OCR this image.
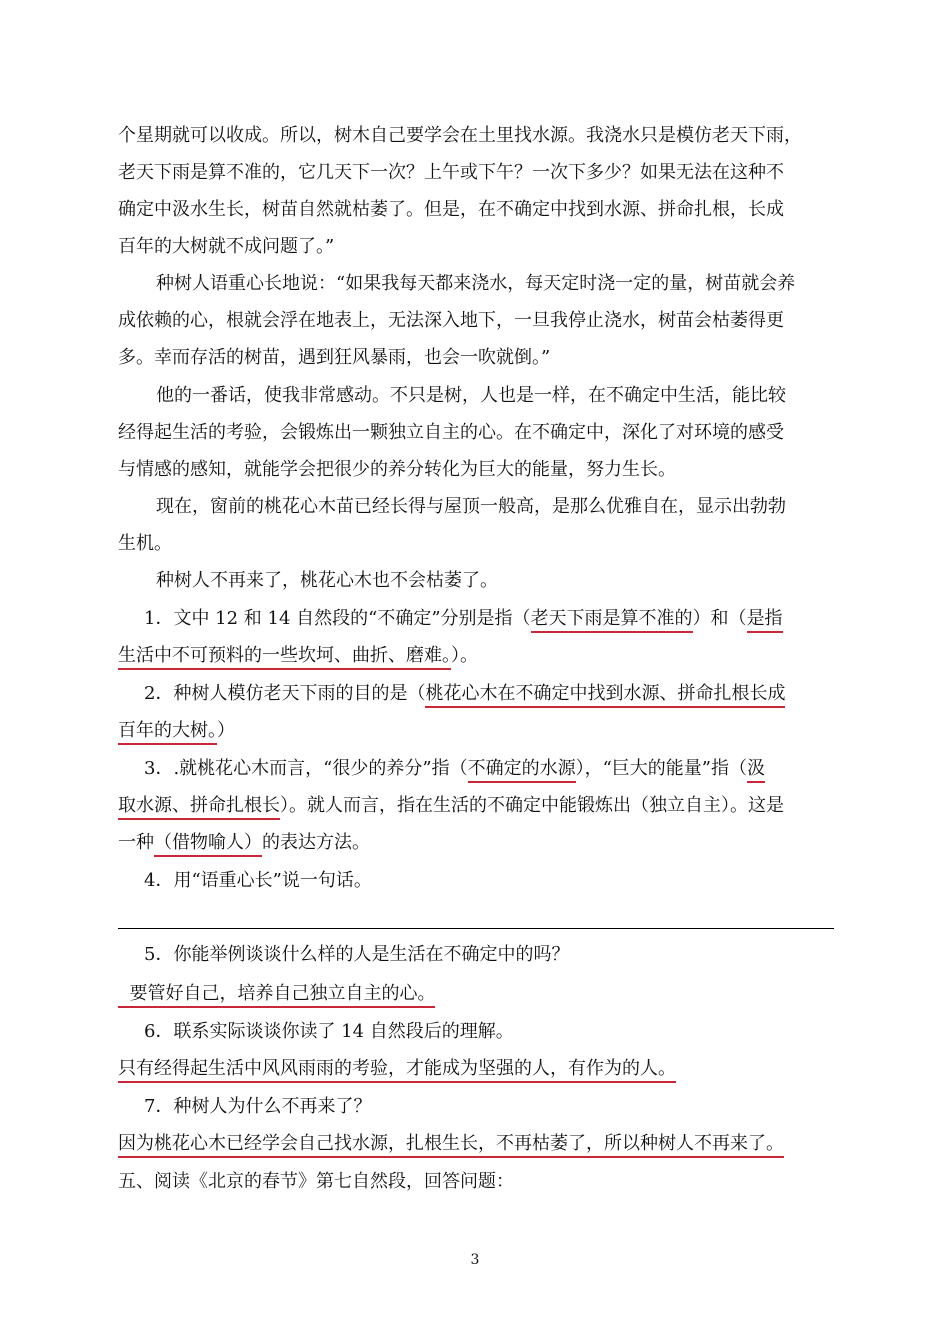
个星期就可以收成。所以，树木自己要学会在土里找水源。我浇水只是模仿老天下雨，
老天下雨是算不准的，它几天下一次？上午或下午？一次下多少？如果无法在这种不
确定中汲水生长，树苗自然就枯萎了。但是，在不确定中找到水源、拼命扎根，长成
百年的大树就不成问题了。”
种树人语重心长地说：“如果我每天都来浇水，每天定时浇一定的量，树苗就会养
成依赖的心，根就会浮在地表上，无法深入地下，一旦我停止浇水，树苗会枯萎得更
多。幸而存活的树苗，遇到狂风暴雨，也会一吹就倒。”
他的一番话，使我非常感动。不只是树，人也是一样，在不确定中生活，能比较
经得起生活的考验，会锻炼出一颗独立自主的心。在不确定中，深化了对环境的感受
与情感的感知，就能学会把很少的养分转化为巨大的能量，努力生长。
现在，窗前的桃花心木苗已经长得与屋顶一般高，是那么优雅自在，显示出勃勃
生机。
种树人不再来了，桃花心木也不会枯萎了。
1．文中 12 和 14 自然段的“不确定”分别是指（老天下雨是算不准的）和（是指
生活中不可预料的一些坎坷、曲折、磨难。）。
2．种树人模仿老天下雨的目的是（桃花心木在不确定中找到水源、拼命扎根长成
百年的大树。）
3．.就桃花心木而言，“很少的养分”指（不确定的水源），“巨大的能量”指（汲
取水源、拼命扎根长）。就人而言，指在生活的不确定中能锻炼出（独立自主）。这是
一种（借物喻人）的表达方法。
4．用“语重心长”说一句话。
5．你能举例谈谈什么样的人是生活在不确定中的吗？
要管好自己，培养自己独立自主的心。
6．联系实际谈谈你读了 14 自然段后的理解。
只有经得起生活中风风雨雨的考验，才能成为坚强的人，有作为的人。
7．种树人为什么不再来了？
因为桃花心木已经学会自己找水源，扎根生长，不再枯萎了，所以种树人不再来了。
五、阅读《北京的春节》第七自然段，回答问题：
3
